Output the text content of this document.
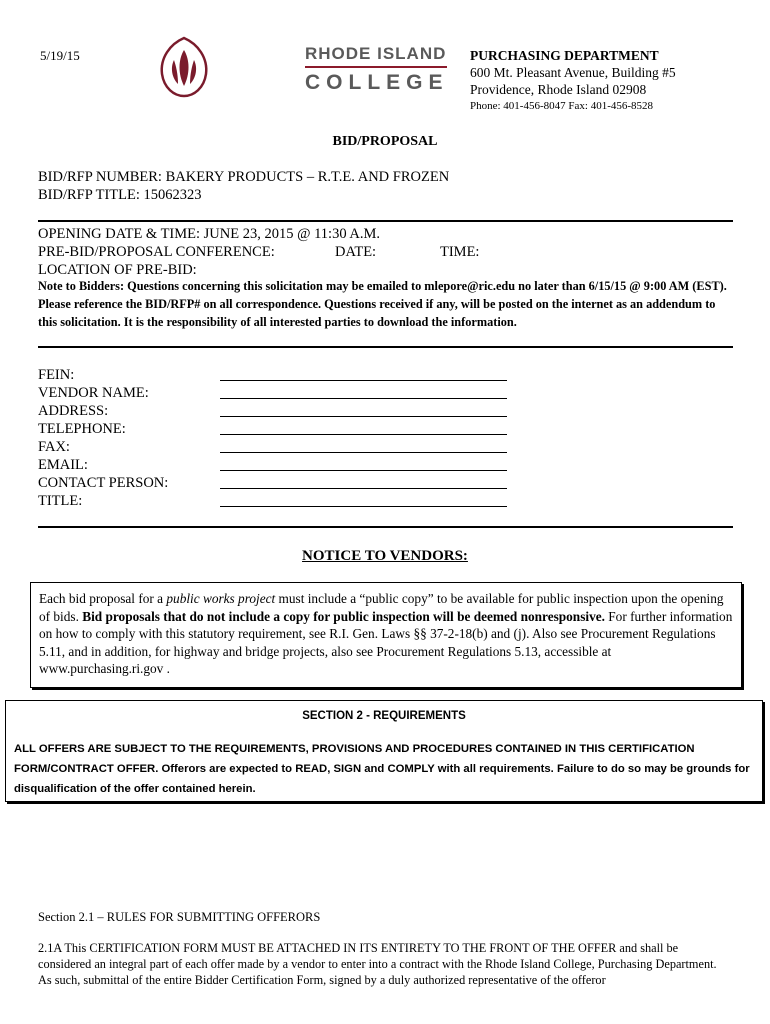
5/19/15	RHODE ISLAND
COLLEGE
PURCHASING DEPARTMENT
600 Mt. Pleasant Avenue, Building #5
Providence, Rhode Island 02908
Phone: 401-456-8047 Fax: 401-456-8528
BID/PROPOSAL
BID/RFP NUMBER: BAKERY PRODUCTS – R.T.E. AND FROZEN
BID/RFP TITLE: 15062323
OPENING DATE & TIME: JUNE 23, 2015 @ 11:30 A.M.
PRE-BID/PROPOSAL CONFERENCE:	DATE:	TIME:
LOCATION OF PRE-BID:
Note to Bidders: Questions concerning this solicitation may be emailed to mlepore@ric.edu no later than 6/15/15 @ 9:00 AM (EST). Please reference the BID/RFP# on all correspondence. Questions received if any, will be posted on the internet as an addendum to this solicitation. It is the responsibility of all interested parties to download the information.
FEIN:
VENDOR NAME:
ADDRESS:
TELEPHONE:
FAX:
EMAIL:
CONTACT PERSON:
TITLE:
NOTICE TO VENDORS:
Each bid proposal for a public works project must include a “public copy” to be available for public inspection upon the opening of bids. Bid proposals that do not include a copy for public inspection will be deemed nonresponsive. For further information on how to comply with this statutory requirement, see R.I. Gen. Laws §§ 37-2-18(b) and (j). Also see Procurement Regulations 5.11, and in addition, for highway and bridge projects, also see Procurement Regulations 5.13, accessible at www.purchasing.ri.gov .
SECTION 2 - REQUIREMENTS
ALL OFFERS ARE SUBJECT TO THE REQUIREMENTS, PROVISIONS AND PROCEDURES CONTAINED IN THIS CERTIFICATION FORM/CONTRACT OFFER. Offerors are expected to READ, SIGN and COMPLY with all requirements. Failure to do so may be grounds for disqualification of the offer contained herein.
Section 2.1 – RULES FOR SUBMITTING OFFERORS
2.1A This CERTIFICATION FORM MUST BE ATTACHED IN ITS ENTIRETY TO THE FRONT OF THE OFFER and shall be considered an integral part of each offer made by a vendor to enter into a contract with the Rhode Island College, Purchasing Department. As such, submittal of the entire Bidder Certification Form, signed by a duly authorized representative of the offeror
